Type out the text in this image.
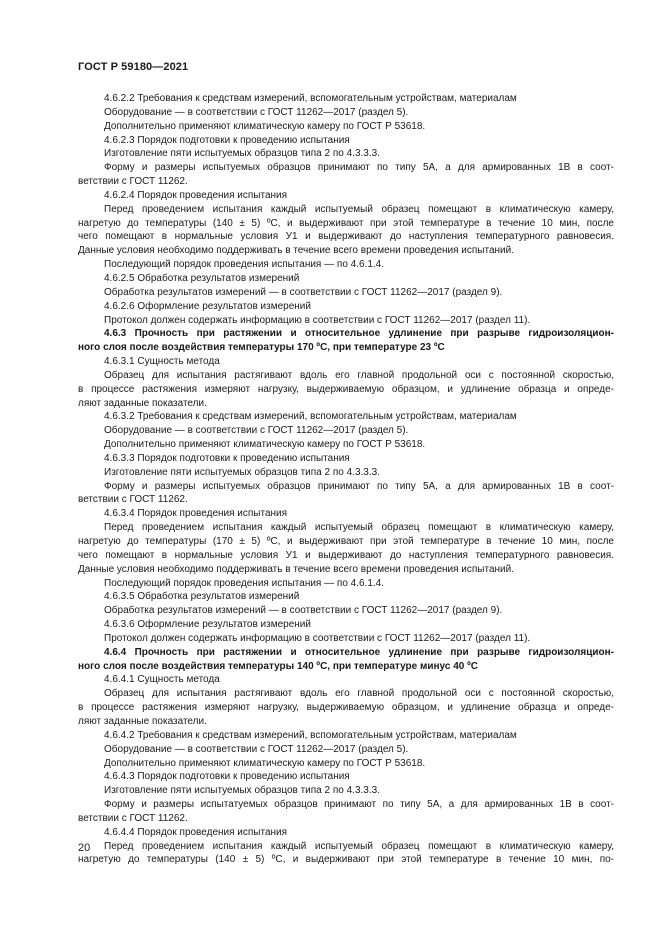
ГОСТ Р 59180—2021
4.6.2.2 Требования к средствам измерений, вспомогательным устройствам, материалам
Оборудование — в соответствии с ГОСТ 11262—2017 (раздел 5).
Дополнительно применяют климатическую камеру по ГОСТ Р 53618.
4.6.2.3 Порядок подготовки к проведению испытания
Изготовление пяти испытуемых образцов типа 2 по 4.3.3.3.
Форму и размеры испытуемых образцов принимают по типу 5А, а для армированных 1В в соот-
ветствии с ГОСТ 11262.
4.6.2.4 Порядок проведения испытания
Перед проведением испытания каждый испытуемый образец помещают в климатическую камеру,
нагретую до температуры (140 ± 5) ºС, и выдерживают при этой температуре в течение 10 мин, после
чего помещают в нормальные условия У1 и выдерживают до наступления температурного равновесия.
Данные условия необходимо поддерживать в течение всего времени проведения испытаний.
Последующий порядок проведения испытания — по 4.6.1.4.
4.6.2.5 Обработка результатов измерений
Обработка результатов измерений — в соответствии с ГОСТ 11262—2017 (раздел 9).
4.6.2.6 Оформление результатов измерений
Протокол должен содержать информацию в соответствии с ГОСТ 11262—2017 (раздел 11).
4.6.3 Прочность при растяжении и относительное удлинение при разрыве гидроизоляцион-
ного слоя после воздействия температуры 170 ºС, при температуре 23 ºС
4.6.3.1 Сущность метода
Образец для испытания растягивают вдоль его главной продольной оси с постоянной скоростью,
в процессе растяжения измеряют нагрузку, выдерживаемую образцом, и удлинение образца и опреде-
ляют заданные показатели.
4.6.3.2 Требования к средствам измерений, вспомогательным устройствам, материалам
Оборудование — в соответствии с ГОСТ 11262—2017 (раздел 5).
Дополнительно применяют климатическую камеру по ГОСТ Р 53618.
4.6.3.3 Порядок подготовки к проведению испытания
Изготовление пяти испытуемых образцов типа 2 по 4.3.3.3.
Форму и размеры испытуемых образцов принимают по типу 5А, а для армированных 1В в соот-
ветствии с ГОСТ 11262.
4.6.3.4 Порядок проведения испытания
Перед проведением испытания каждый испытуемый образец помещают в климатическую камеру,
нагретую до температуры (170 ± 5) ºС, и выдерживают при этой температуре в течение 10 мин, после
чего помещают в нормальные условия У1 и выдерживают до наступления температурного равновесия.
Данные условия необходимо поддерживать в течение всего времени проведения испытаний.
Последующий порядок проведения испытания — по 4.6.1.4.
4.6.3.5 Обработка результатов измерений
Обработка результатов измерений — в соответствии с ГОСТ 11262—2017 (раздел 9).
4.6.3.6 Оформление результатов измерений
Протокол должен содержать информацию в соответствии с ГОСТ 11262—2017 (раздел 11).
4.6.4 Прочность при растяжении и относительное удлинение при разрыве гидроизоляцион-
ного слоя после воздействия температуры 140 ºС, при температуре минус 40 ºС
4.6.4.1 Сущность метода
Образец для испытания растягивают вдоль его главной продольной оси с постоянной скоростью,
в процессе растяжения измеряют нагрузку, выдерживаемую образцом, и удлинение образца и опреде-
ляют заданные показатели.
4.6.4.2 Требования к средствам измерений, вспомогательным устройствам, материалам
Оборудование — в соответствии с ГОСТ 11262—2017 (раздел 5).
Дополнительно применяют климатическую камеру по ГОСТ Р 53618.
4.6.4.3 Порядок подготовки к проведению испытания
Изготовление пяти испытуемых образцов типа 2 по 4.3.3.3.
Форму и размеры испытатуемых образцов принимают по типу 5А, а для армированных 1В в соот-
ветствии с ГОСТ 11262.
4.6.4.4 Порядок проведения испытания
Перед проведением испытания каждый испытуемый образец помещают в климатическую камеру,
нагретую до температуры (140 ± 5) ºС, и выдерживают при этой температуре в течение 10 мин, по-
20
